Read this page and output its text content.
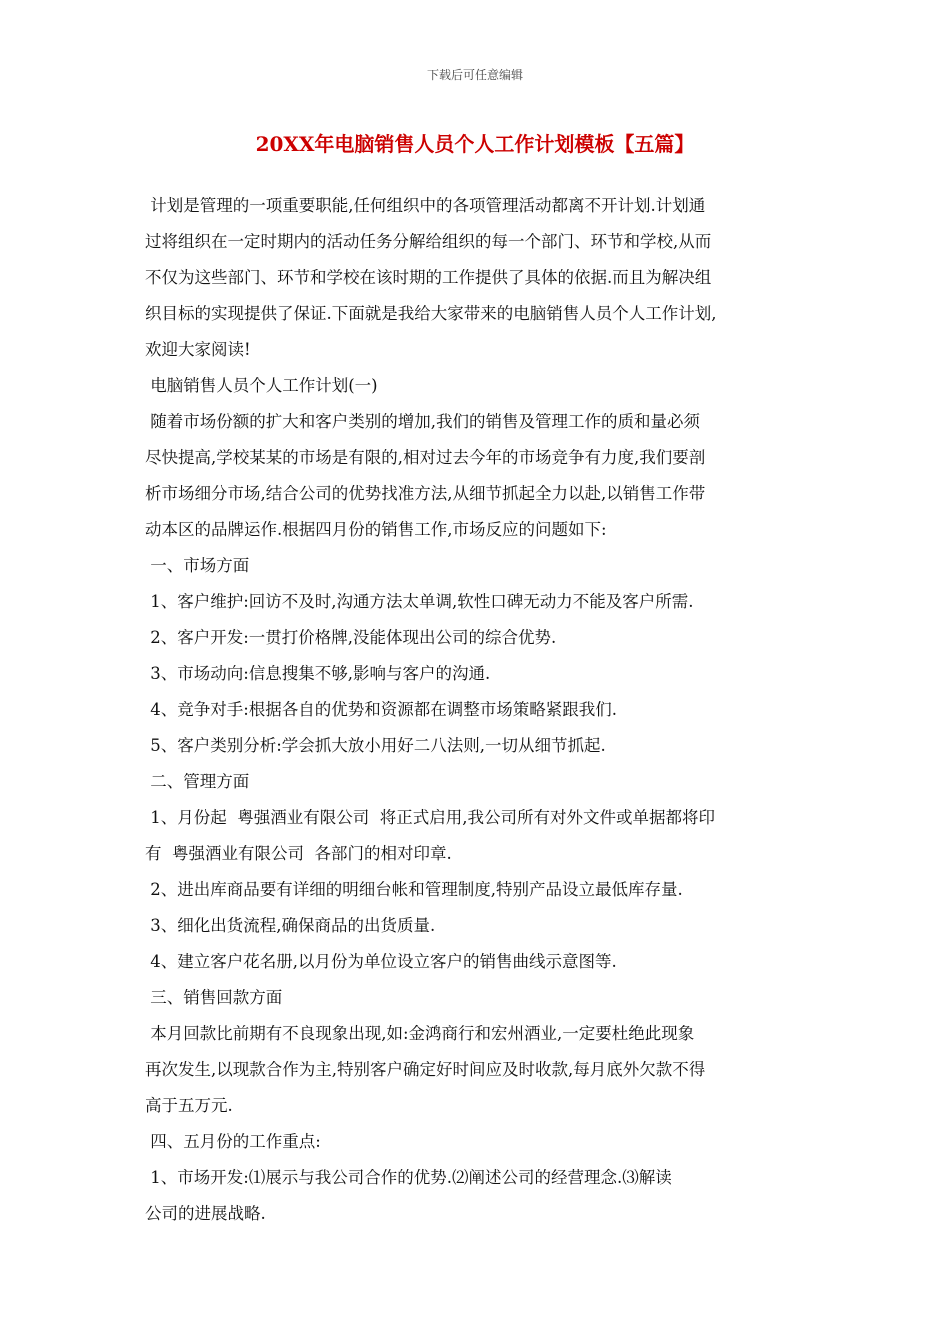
下载后可任意编辑
20XX年电脑销售人员个人工作计划模板【五篇】
计划是管理的一项重要职能,任何组织中的各项管理活动都离不开计划.计划通
过将组织在一定时期内的活动任务分解给组织的每一个部门、环节和学校,从而
不仅为这些部门、环节和学校在该时期的工作提供了具体的依据.而且为解决组
织目标的实现提供了保证.下面就是我给大家带来的电脑销售人员个人工作计划,
欢迎大家阅读!
电脑销售人员个人工作计划(一)
随着市场份额的扩大和客户类别的增加,我们的销售及管理工作的质和量必须
尽快提高,学校某某的市场是有限的,相对过去今年的市场竞争有力度,我们要剖
析市场细分市场,结合公司的优势找准方法,从细节抓起全力以赴,以销售工作带
动本区的品牌运作.根据四月份的销售工作,市场反应的问题如下:
一、市场方面
1、客户维护:回访不及时,沟通方法太单调,软性口碑无动力不能及客户所需.
2、客户开发:一贯打价格牌,没能体现出公司的综合优势.
3、市场动向:信息搜集不够,影响与客户的沟通.
4、竞争对手:根据各自的优势和资源都在调整市场策略紧跟我们.
5、客户类别分析:学会抓大放小用好二八法则,一切从细节抓起.
二、管理方面
1、月份起  粤强酒业有限公司  将正式启用,我公司所有对外文件或单据都将印
有  粤强酒业有限公司  各部门的相对印章.
2、进出库商品要有详细的明细台帐和管理制度,特别产品设立最低库存量.
3、细化出货流程,确保商品的出货质量.
4、建立客户花名册,以月份为单位设立客户的销售曲线示意图等.
三、销售回款方面
本月回款比前期有不良现象出现,如:金鸿商行和宏州酒业,一定要杜绝此现象
再次发生,以现款合作为主,特别客户确定好时间应及时收款,每月底外欠款不得
高于五万元.
四、五月份的工作重点:
1、市场开发:⑴展示与我公司合作的优势.⑵阐述公司的经营理念.⑶解读
公司的进展战略.
